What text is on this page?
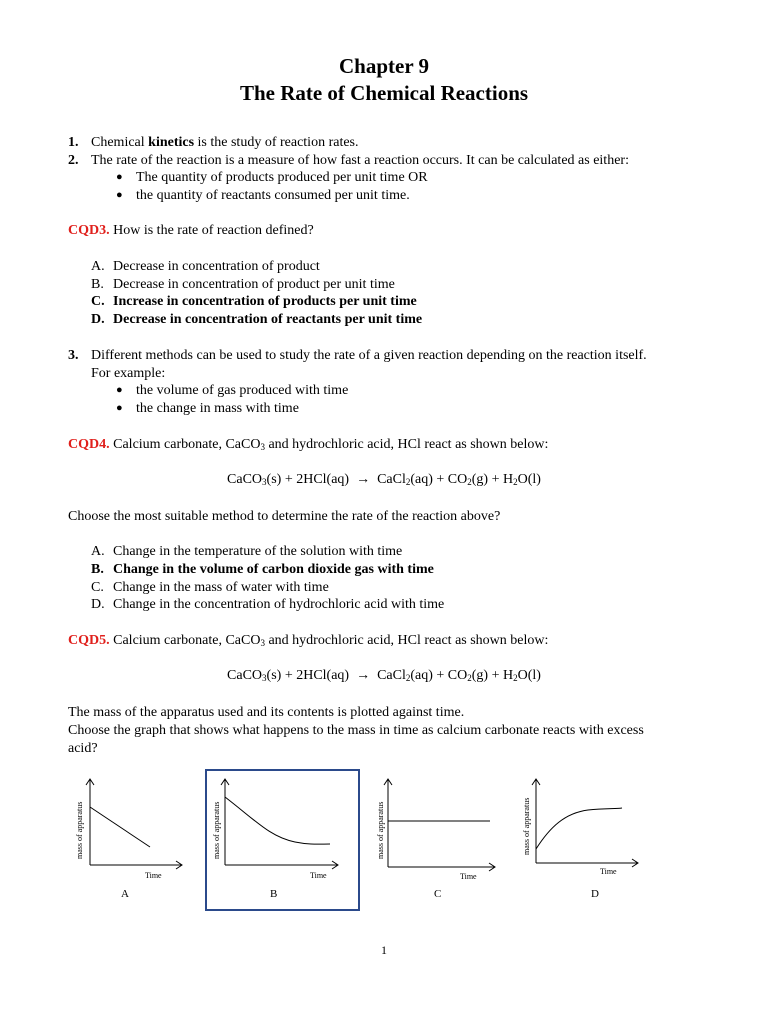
Chapter 9
The Rate of Chemical Reactions
1. Chemical kinetics is the study of reaction rates.
2. The rate of the reaction is a measure of how fast a reaction occurs. It can be calculated as either:
● The quantity of products produced per unit time OR
● the quantity of reactants consumed per unit time.
CQD3. How is the rate of reaction defined?
A. Decrease in concentration of product
B. Decrease in concentration of product per unit time
C. Increase in concentration of products per unit time
D. Decrease in concentration of reactants per unit time
3. Different methods can be used to study the rate of a given reaction depending on the reaction itself.
For example:
● the volume of gas produced with time
● the change in mass with time
CQD4. Calcium carbonate, CaCO$_3$ and hydrochloric acid, HCl react as shown below:
CaCO$_3$(s) + 2HCl(aq) → CaCl$_2$(aq) + $CO_2(g) + H_2O(l)$
Choose the most suitable method to determine the rate of the reaction above?
A. Change in the temperature of the solution with time
B. Change in the volume of carbon dioxide gas with time
C. Change in the mass of water with time
D. Change in the concentration of hydrochloric acid with time
CQD5. Calcium carbonate, CaCO$_3$ and hydrochloric acid, HCl react as shown below:
CaCO$_3$(s) + 2HCl(aq) → CaCl$_2$(aq) + $CO_2(g) + H_2O(l)$
The mass of the apparatus used and its contents is plotted against time.
Choose the graph that shows what happens to the mass in time as calcium carbonate reacts with excess
acid?
mass of apparatus
Time
A
mass of apparatus
Time
B
mass of apparatus
Time
C
mass of apparatus
Time
D
1
